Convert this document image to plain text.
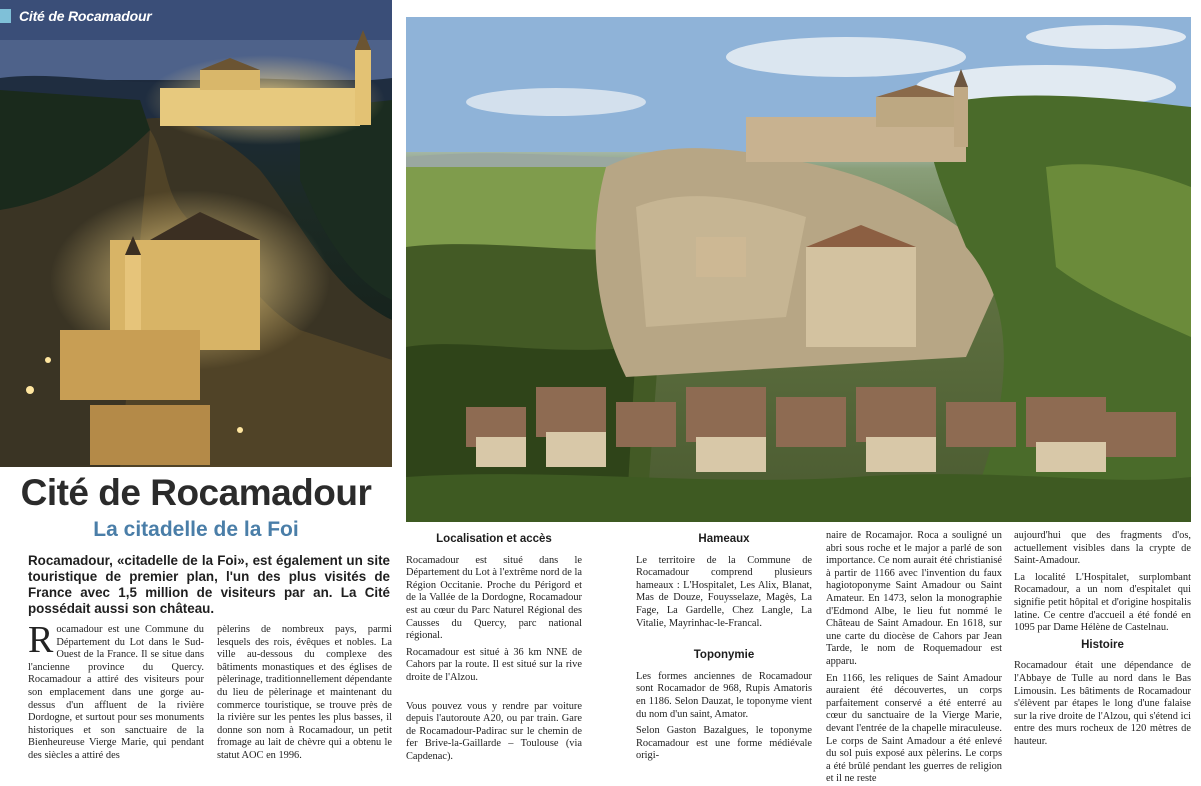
Cité de Rocamadour
Cité de Rocamadour
La citadelle de la Foi

Rocamadour, «citadelle de la Foi», est également un site touristique de premier plan, l'un des plus visités de France avec 1,5 million de visiteurs par an. La Cité possédait aussi son château.

R ocamadour est une Commune du Département du Lot dans le Sud-Ouest de la France. Il se situe dans l'ancienne province du Quercy. Rocamadour a attiré des visiteurs pour son emplacement dans une gorge au-dessus d'un affluent de la rivière Dordogne, et surtout pour ses monuments historiques et son sanctuaire de la Bienheureuse Vierge Marie, qui pendant des siècles a attiré des

pèlerins de nombreux pays, parmi lesquels des rois, évêques et nobles. La ville au-dessous du complexe des bâtiments monastiques et des églises de pèlerinage, traditionnellement dépendante du lieu de pèlerinage et maintenant du commerce touristique, se trouve près de la rivière sur les pentes les plus basses, il donne son nom à Rocamadour, un petit fromage au lait de chèvre qui a obtenu le statut AOC en 1996.

Localisation et accès

Rocamadour est situé dans le Département du Lot à l'extrême nord de la Région Occitanie. Proche du Périgord et de la Vallée de la Dordogne, Rocamadour est au cœur du Parc Naturel Régional des Causses du Quercy, parc national régional.

Rocamadour est situé à 36 km NNE de Cahors par la route. Il est situé sur la rive droite de l'Alzou.

Vous pouvez vous y rendre par voiture depuis l'autoroute A20, ou par train. Gare de Rocamadour-Padirac sur le chemin de fer Brive-la-Gaillarde – Toulouse (via Capdenac).

Hameaux

Le territoire de la Commune de Rocamadour comprend plusieurs hameaux : L'Hospitalet, Les Alix, Blanat, Mas de Douze, Fouysselaze, Magès, La Fage, La Gardelle, Chez Langle, La Vitalie, Mayrinhac-le-Francal.

Toponymie

Les formes anciennes de Rocamadour sont Rocamador de 968, Rupis Amatoris en 1186. Selon Dauzat, le toponyme vient du nom d'un saint, Amator.

Selon Gaston Bazalgues, le toponyme Rocamadour est une forme médiévale origi-

naire de Rocamajor. Roca a souligné un abri sous roche et le major a parlé de son importance. Ce nom aurait été christianisé à partir de 1166 avec l'invention du faux hagiotoponyme Saint Amadour ou Saint Amateur. En 1473, selon la monographie d'Edmond Albe, le lieu fut nommé le Château de Saint Amadour. En 1618, sur une carte du diocèse de Cahors par Jean Tarde, le nom de Roquemadour est apparu.

En 1166, les reliques de Saint Amadour auraient été découvertes, un corps parfaitement conservé a été enterré au cœur du sanctuaire de la Vierge Marie, devant l'entrée de la chapelle miraculeuse. Le corps de Saint Amadour a été enlevé du sol puis exposé aux pèlerins. Le corps a été brûlé pendant les guerres de religion et il ne reste

aujourd'hui que des fragments d'os, actuellement visibles dans la crypte de Saint-Amadour.

La localité L'Hospitalet, surplombant Rocamadour, a un nom d'espitalet qui signifie petit hôpital et d'origine hospitalis latine. Ce centre d'accueil a été fondé en 1095 par Dame Hélène de Castelnau.

Histoire

Rocamadour était une dépendance de l'Abbaye de Tulle au nord dans le Bas Limousin. Les bâtiments de Rocamadour s'élèvent par étapes le long d'une falaise sur la rive droite de l'Alzou, qui s'étend ici entre des murs rocheux de 120 mètres de hauteur.
